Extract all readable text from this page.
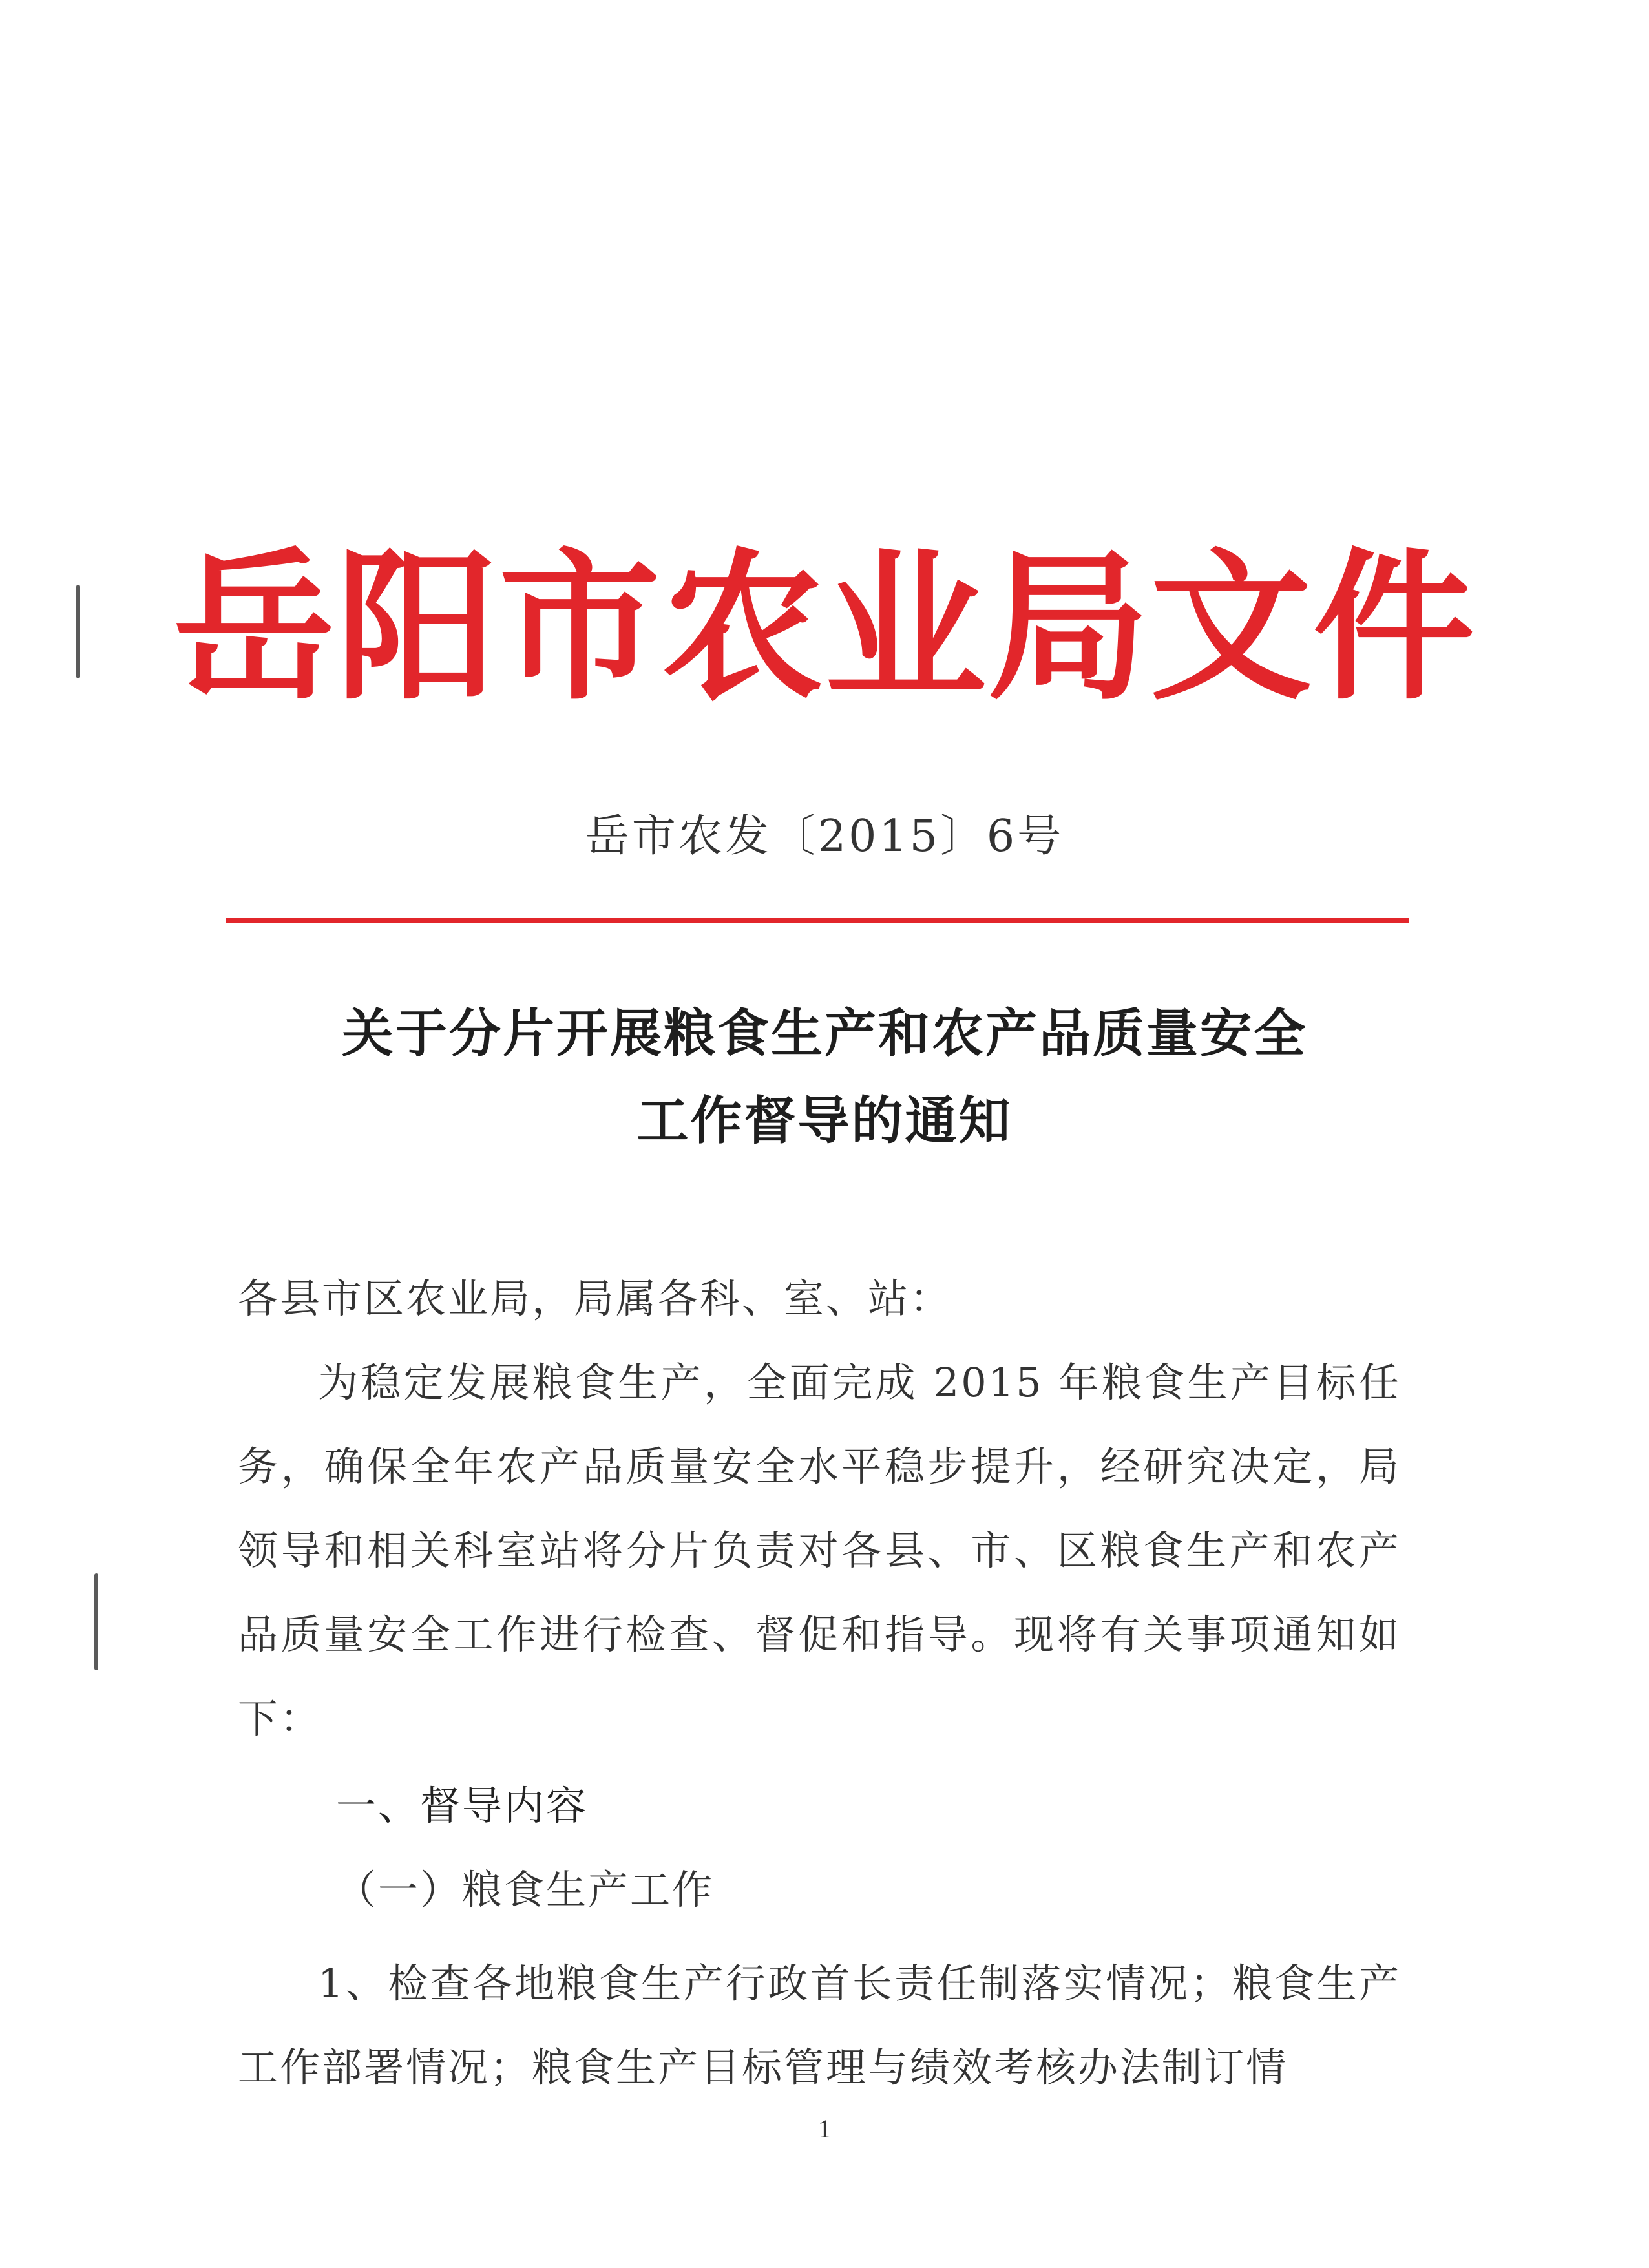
岳阳市农业局文件
岳市农发〔2015〕6号
关于分片开展粮食生产和农产品质量安全
工作督导的通知
各县市区农业局，局属各科、室、站：
为稳定发展粮食生产，全面完成 2015 年粮食生产目标任务，确保全年农产品质量安全水平稳步提升，经研究决定，局领导和相关科室站将分片负责对各县、市、区粮食生产和农产品质量安全工作进行检查、督促和指导。现将有关事项通知如下：
一、督导内容
（一）粮食生产工作
1、检查各地粮食生产行政首长责任制落实情况；粮食生产工作部署情况；粮食生产目标管理与绩效考核办法制订情
1
